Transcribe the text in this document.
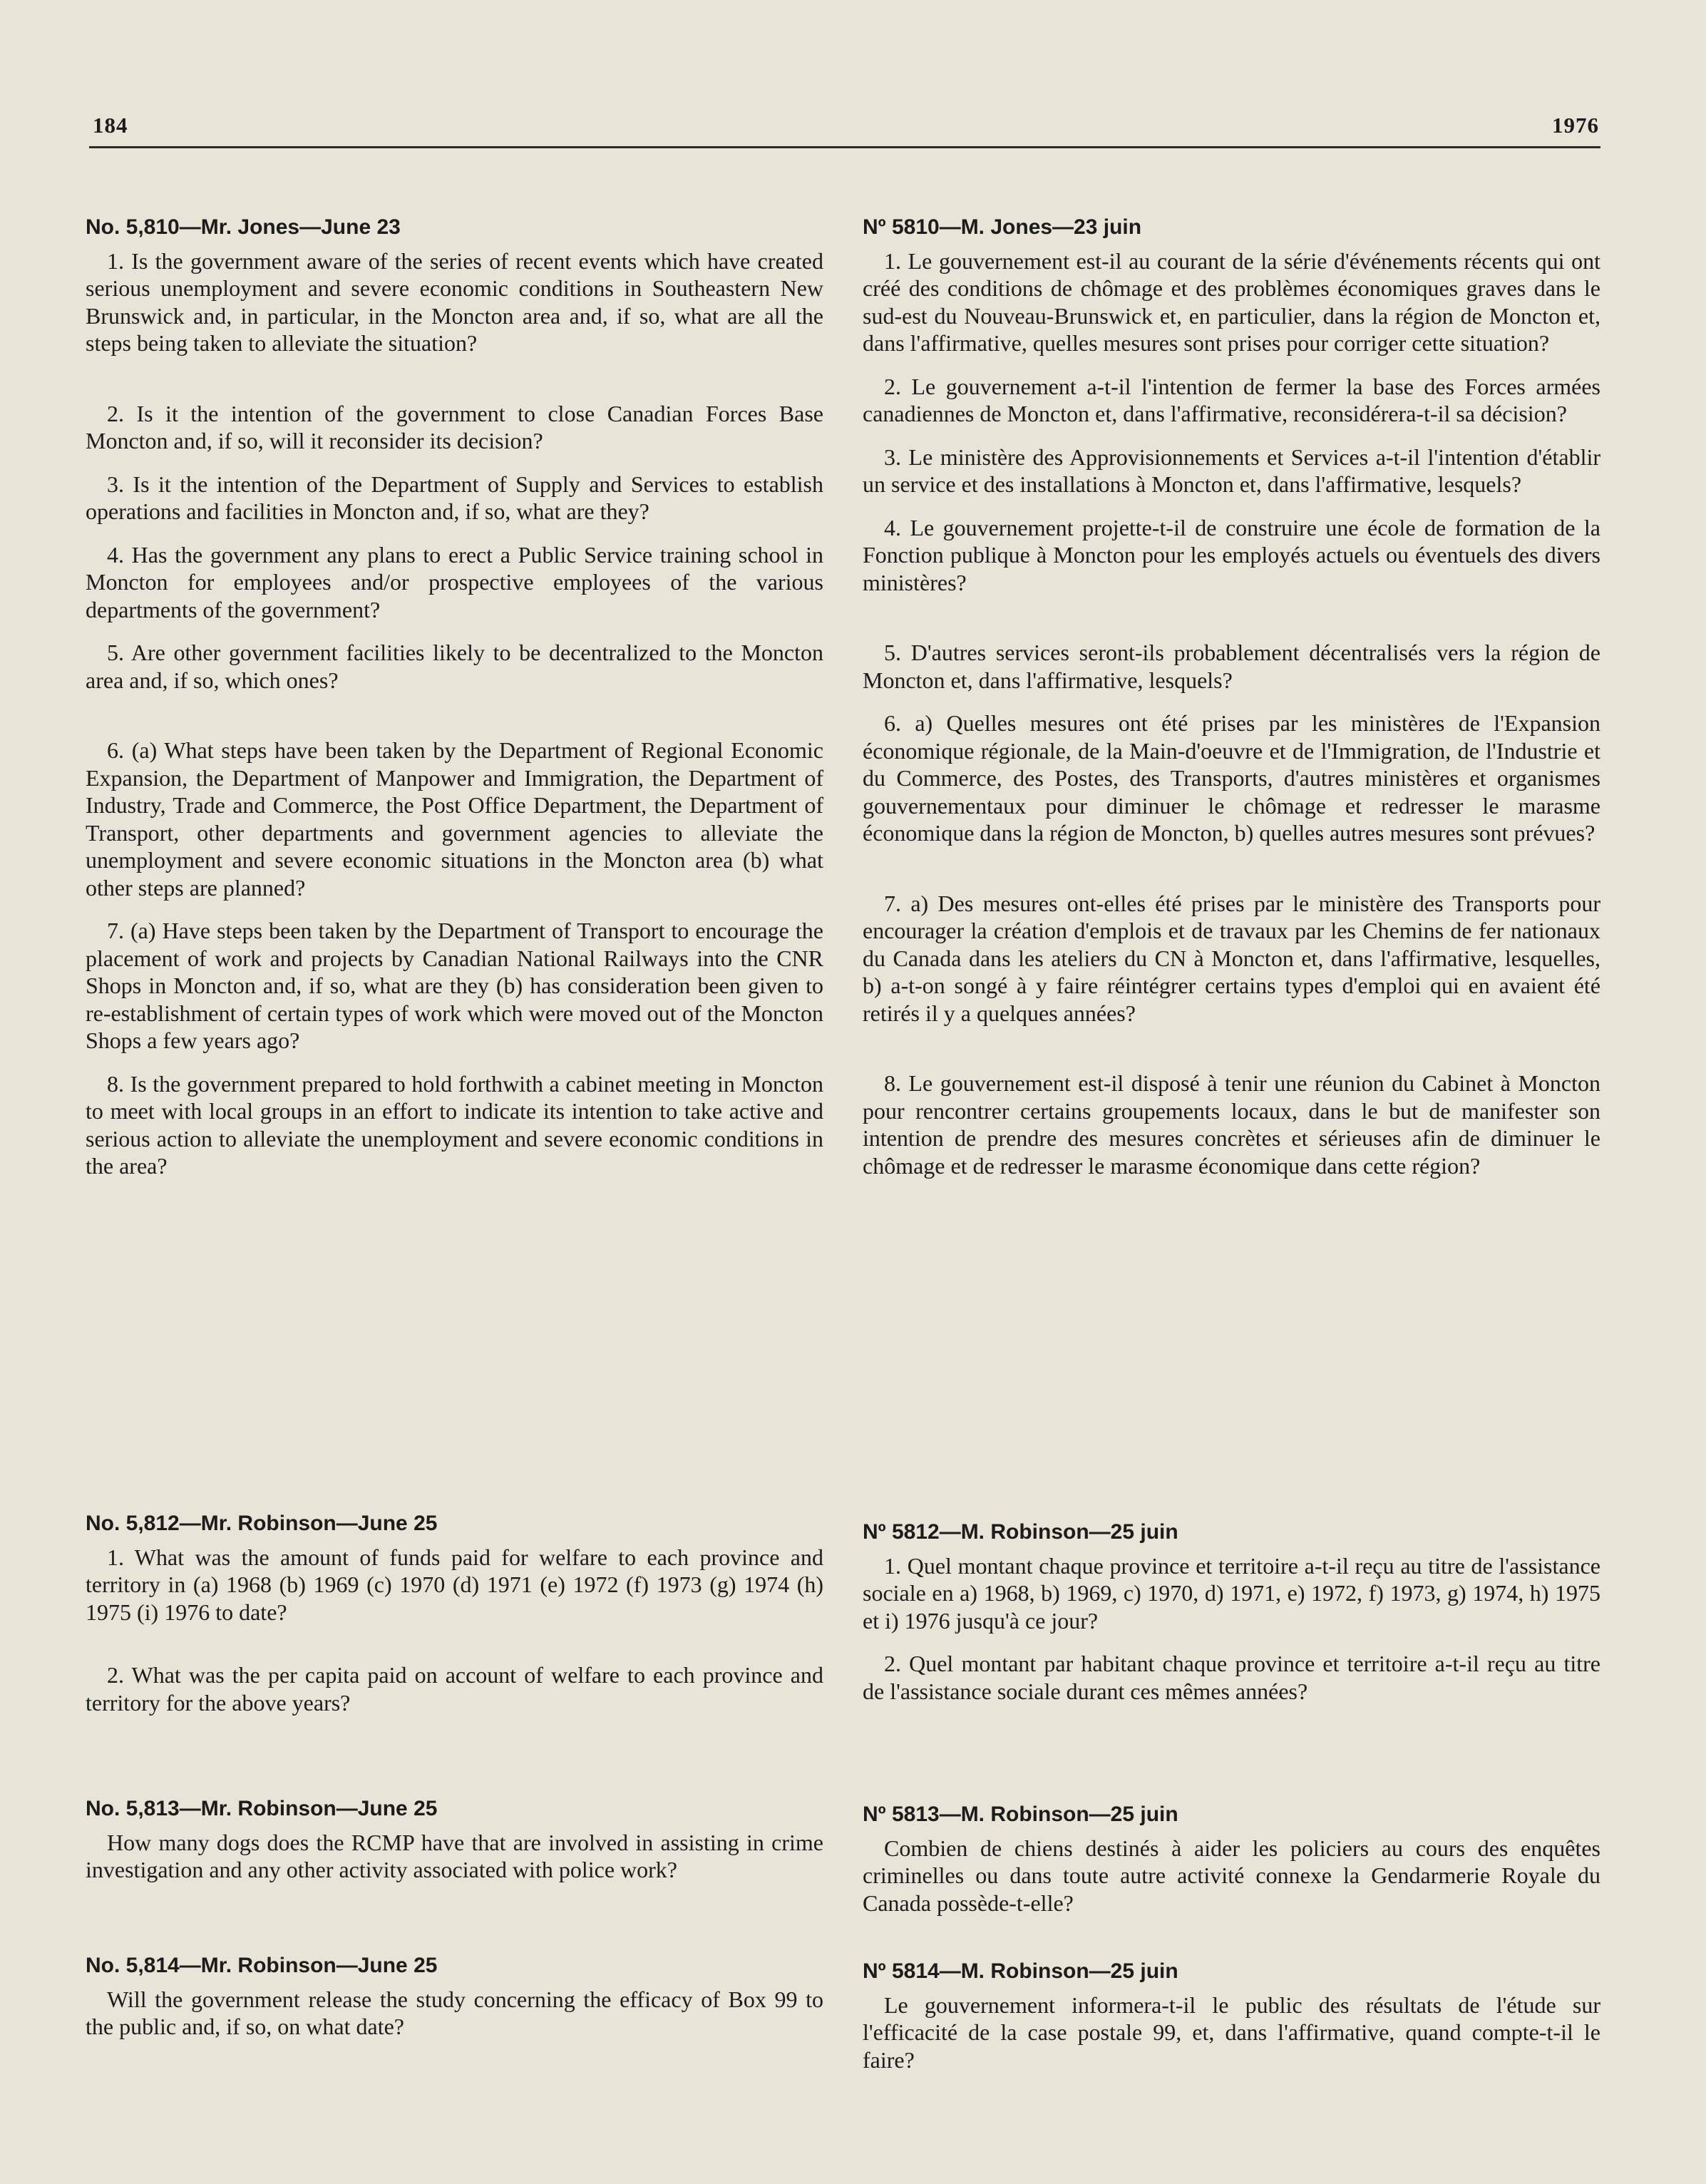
184	1976
No. 5,810—Mr. Jones—June 23

1. Is the government aware of the series of recent events which have created serious unemployment and severe economic conditions in Southeastern New Brunswick and, in particular, in the Moncton area and, if so, what are all the steps being taken to alleviate the situation?

2. Is it the intention of the government to close Canadian Forces Base Moncton and, if so, will it reconsider its decision?

3. Is it the intention of the Department of Supply and Services to establish operations and facilities in Moncton and, if so, what are they?

4. Has the government any plans to erect a Public Service training school in Moncton for employees and/or prospective employees of the various departments of the government?

5. Are other government facilities likely to be decentralized to the Moncton area and, if so, which ones?

6. (a) What steps have been taken by the Department of Regional Economic Expansion, the Department of Manpower and Immigration, the Department of Industry, Trade and Commerce, the Post Office Department, the Department of Transport, other departments and government agencies to alleviate the unemployment and severe economic situations in the Moncton area (b) what other steps are planned?

7. (a) Have steps been taken by the Department of Transport to encourage the placement of work and projects by Canadian National Railways into the CNR Shops in Moncton and, if so, what are they (b) has consideration been given to re-establishment of certain types of work which were moved out of the Moncton Shops a few years ago?

8. Is the government prepared to hold forthwith a cabinet meeting in Moncton to meet with local groups in an effort to indicate its intention to take active and serious action to alleviate the unemployment and severe economic conditions in the area?

No. 5,812—Mr. Robinson—June 25

1. What was the amount of funds paid for welfare to each province and territory in (a) 1968 (b) 1969 (c) 1970 (d) 1971 (e) 1972 (f) 1973 (g) 1974 (h) 1975 (i) 1976 to date?

2. What was the per capita paid on account of welfare to each province and territory for the above years?

No. 5,813—Mr. Robinson—June 25

How many dogs does the RCMP have that are involved in assisting in crime investigation and any other activity associated with police work?

No. 5,814—Mr. Robinson—June 25

Will the government release the study concerning the efficacy of Box 99 to the public and, if so, on what date?

Nº 5810—M. Jones—23 juin

1. Le gouvernement est-il au courant de la série d'événements récents qui ont créé des conditions de chômage et des problèmes économiques graves dans le sud-est du Nouveau-Brunswick et, en particulier, dans la région de Moncton et, dans l'affirmative, quelles mesures sont prises pour corriger cette situation?

2. Le gouvernement a-t-il l'intention de fermer la base des Forces armées canadiennes de Moncton et, dans l'affirmative, reconsidérera-t-il sa décision?

3. Le ministère des Approvisionnements et Services a-t-il l'intention d'établir un service et des installations à Moncton et, dans l'affirmative, lesquels?

4. Le gouvernement projette-t-il de construire une école de formation de la Fonction publique à Moncton pour les employés actuels ou éventuels des divers ministères?

5. D'autres services seront-ils probablement décentralisés vers la région de Moncton et, dans l'affirmative, lesquels?

6. a) Quelles mesures ont été prises par les ministères de l'Expansion économique régionale, de la Main-d'oeuvre et de l'Immigration, de l'Industrie et du Commerce, des Postes, des Transports, d'autres ministères et organismes gouvernementaux pour diminuer le chômage et redresser le marasme économique dans la région de Moncton, b) quelles autres mesures sont prévues?

7. a) Des mesures ont-elles été prises par le ministère des Transports pour encourager la création d'emplois et de travaux par les Chemins de fer nationaux du Canada dans les ateliers du CN à Moncton et, dans l'affirmative, lesquelles, b) a-t-on songé à y faire réintégrer certains types d'emploi qui en avaient été retirés il y a quelques années?

8. Le gouvernement est-il disposé à tenir une réunion du Cabinet à Moncton pour rencontrer certains groupements locaux, dans le but de manifester son intention de prendre des mesures concrètes et sérieuses afin de diminuer le chômage et de redresser le marasme économique dans cette région?

Nº 5812—M. Robinson—25 juin

1. Quel montant chaque province et territoire a-t-il reçu au titre de l'assistance sociale en a) 1968, b) 1969, c) 1970, d) 1971, e) 1972, f) 1973, g) 1974, h) 1975 et i) 1976 jusqu'à ce jour?

2. Quel montant par habitant chaque province et territoire a-t-il reçu au titre de l'assistance sociale durant ces mêmes années?

Nº 5813—M. Robinson—25 juin

Combien de chiens destinés à aider les policiers au cours des enquêtes criminelles ou dans toute autre activité connexe la Gendarmerie Royale du Canada possède-t-elle?

Nº 5814—M. Robinson—25 juin

Le gouvernement informera-t-il le public des résultats de l'étude sur l'efficacité de la case postale 99, et, dans l'affirmative, quand compte-t-il le faire?
